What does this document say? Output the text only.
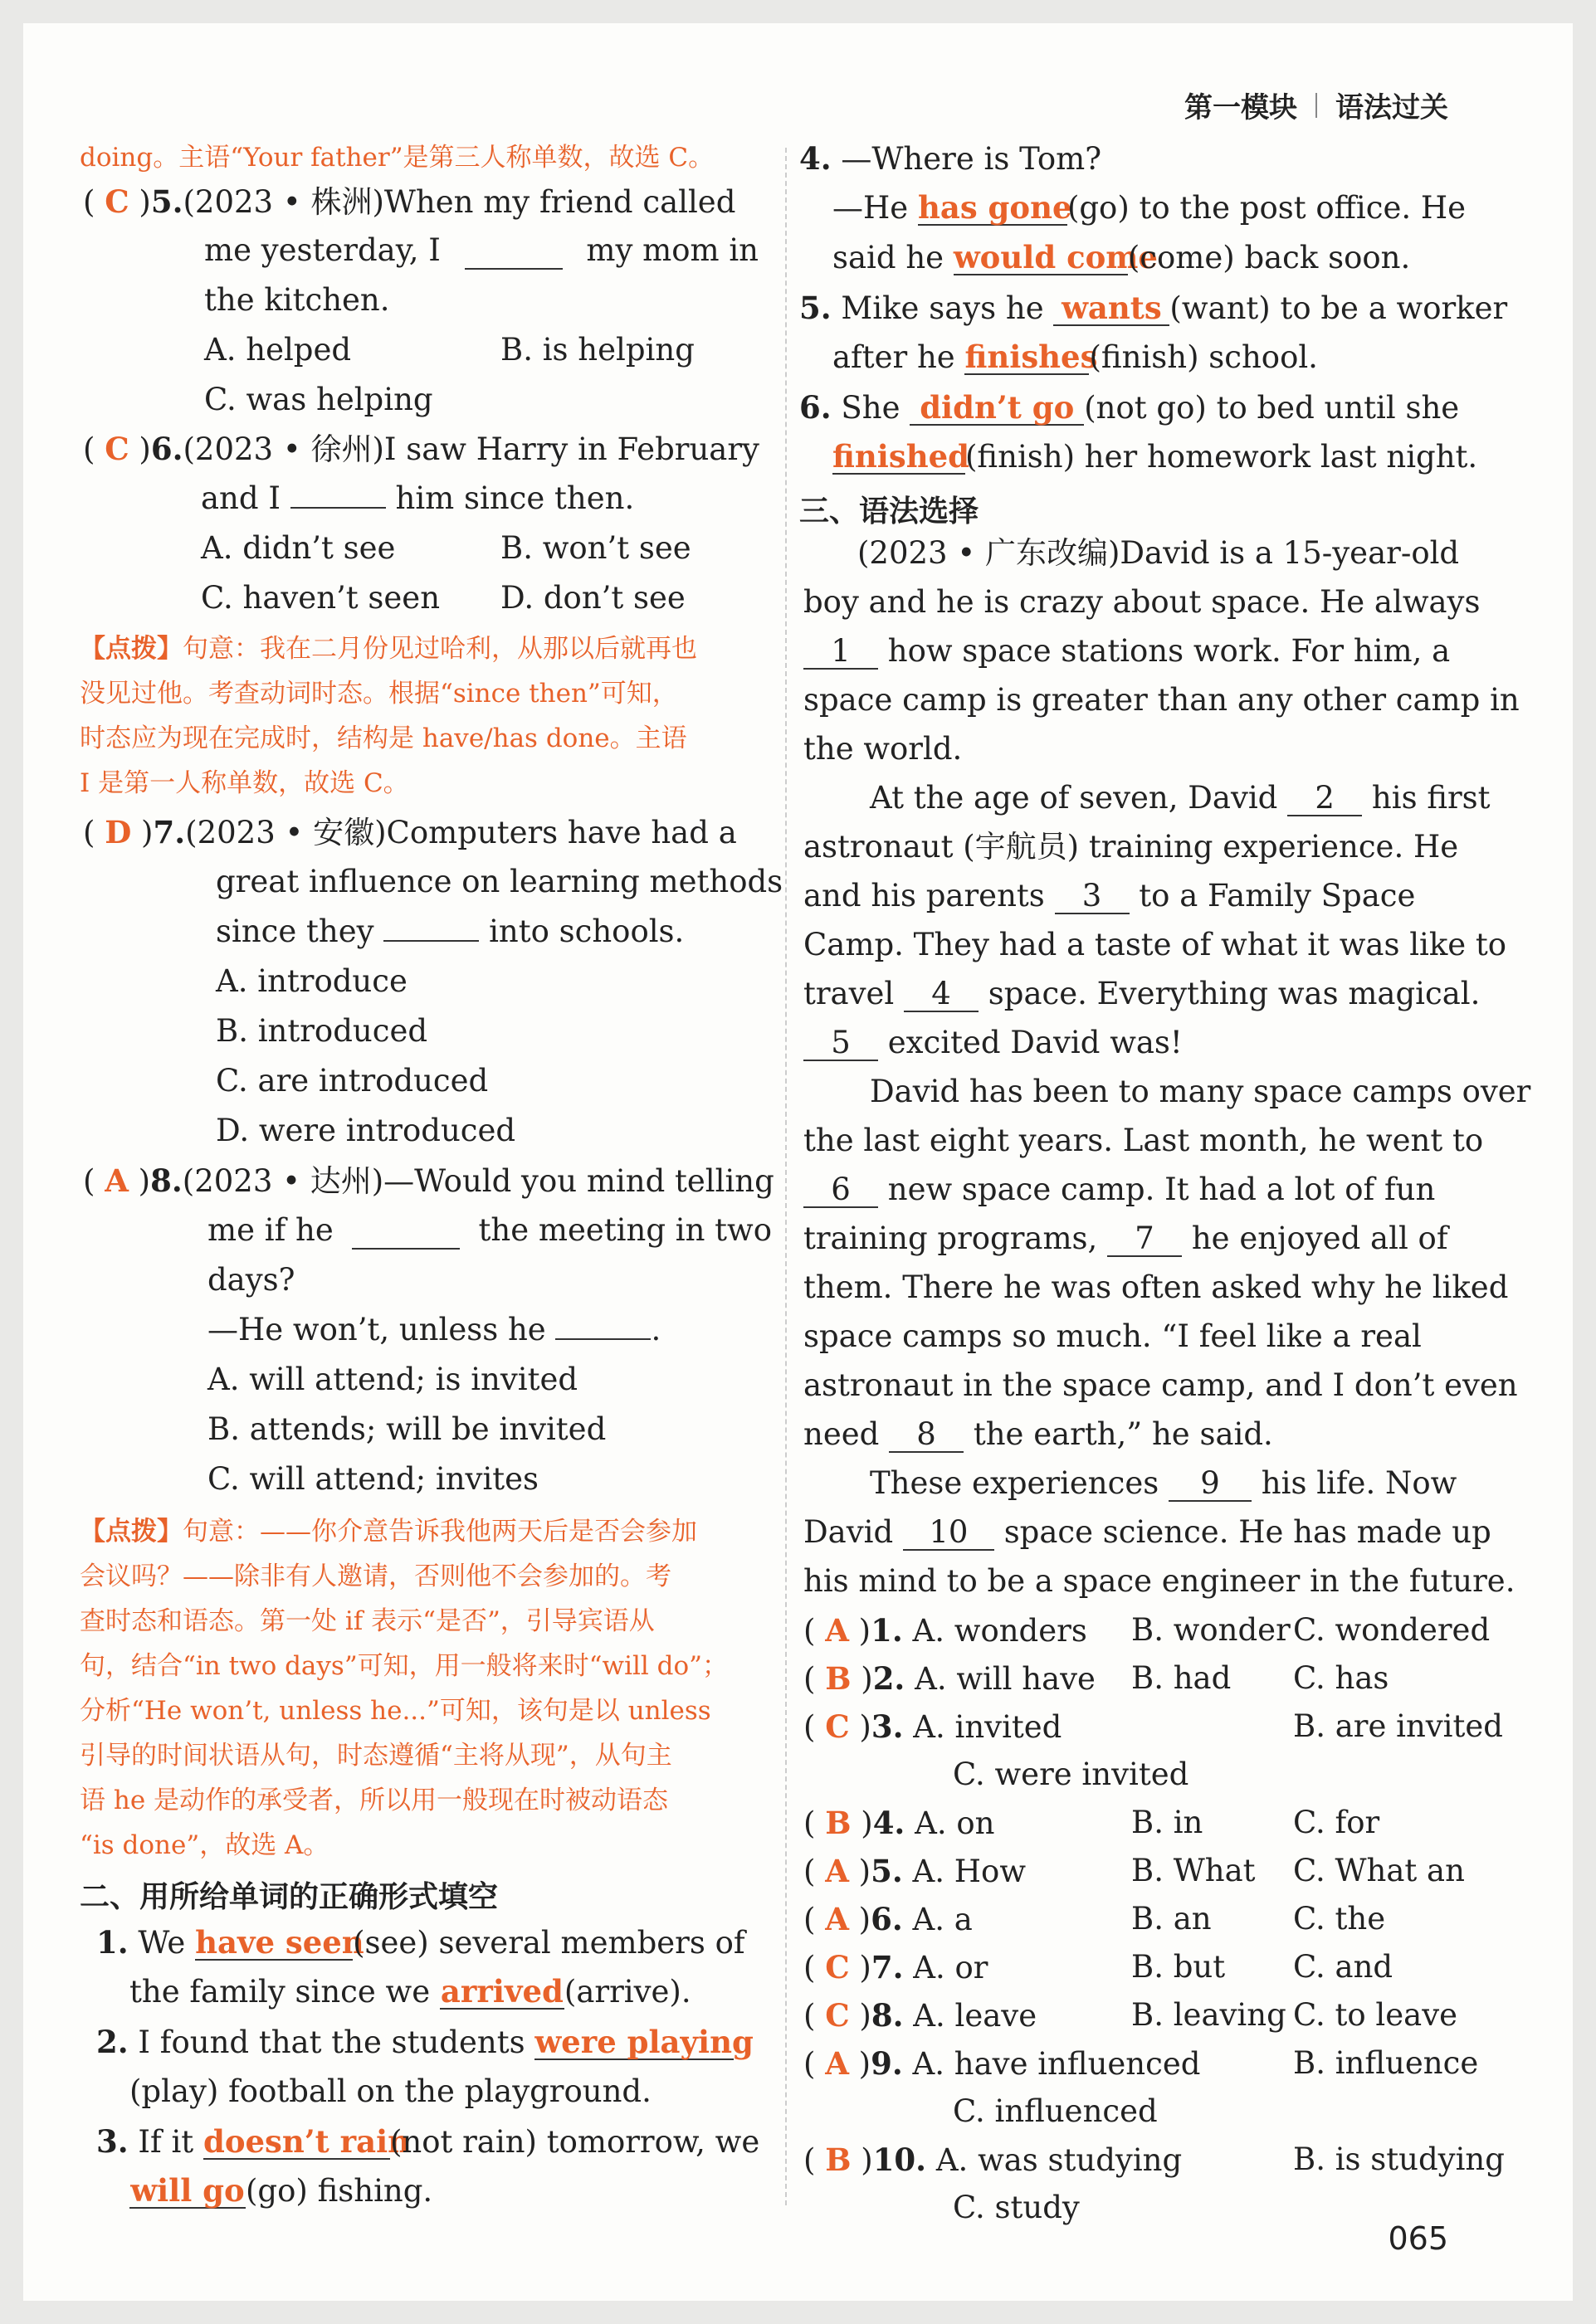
第一模块 语法过关
doing。主语“Your father”是第三人称单数，故选 C。
( C )5.(2023 • 株洲)When my friend called
me yesterday, I	my mom in
the kitchen.
A. helped	B. is helping
C. was helping
( C )6.(2023 • 徐州)I saw Harry in February
and I	him since then.
A. didn’t see	B. won’t see
C. haven’t seen D. don’t see
【点拨】句意：我在二月份见过哈利，从那以后就再也
没见过他。考查动词时态。根据“since then”可知，
时态应为现在完成时，结构是 have/has done。主语
I 是第一人称单数，故选 C。
( D )7.(2023 • 安徽)Computers have had a
great influence on learning methods
since they	into schools.
A. introduce
B. introduced
C. are introduced
D. were introduced
( A )8.(2023 • 达州)—Would you mind telling
me if he	the meeting in two
days?
—He won’t, unless he	.
A. will attend; is invited
B. attends; will be invited
C. will attend; invites
【点拨】句意：——你介意告诉我他两天后是否会参加
会议吗？——除非有人邀请，否则他不会参加的。考
查时态和语态。第一处 if 表示“是否”，引导宾语从
句，结合“in two days”可知，用一般将来时“will do”；
分析“He won’t, unless he...”可知，该句是以 unless
引导的时间状语从句，时态遵循“主将从现”，从句主
语 he 是动作的承受者，所以用一般现在时被动语态
“is done”，故选 A。
二、用所给单词的正确形式填空
1. We have seen(see) several members of
the family since we arrived(arrive).
2. I found that the students were playing
(play) football on the playground.
3. If it doesn’t rain(not rain) tomorrow, we
will go(go) fishing.
4. —Where is Tom?
—He has gone(go) to the post office. He
said he would come(come) back soon.
5. Mike says he wants (want) to be a worker
after he finishes(finish) school.
6. She didn’t go (not go) to bed until she
finished(finish) her homework last night.
三、语法选择
(2023 • 广东改编)David is a 15-year-old
boy and he is crazy about space. He always
1 how space stations work. For him, a
space camp is greater than any other camp in
the world.
At the age of seven, David 2 his first
astronaut (宇航员) training experience. He
and his parents 3 to a Family Space
Camp. They had a taste of what it was like to
travel 4 space. Everything was magical.
5 excited David was!
David has been to many space camps over
the last eight years. Last month, he went to
6 new space camp. It had a lot of fun
training programs, 7 he enjoyed all of
them. There he was often asked why he liked
space camps so much. “I feel like a real
astronaut in the space camp, and I don’t even
need 8 the earth,” he said.
These experiences 9 his life. Now
David 10 space science. He has made up
his mind to be a space engineer in the future.
( A )1. A. wonders B. wonder C. wondered
( B )2. A. will have B. had C. has
( C )3. A. invited	B. are invited
C. were invited
( B )4. A. on	B. in	C. for
( A )5. A. How	B. What C. What an
( A )6. A. a	B. an	C. the
( C )7. A. or	B. but C. and
( C )8. A. leave	B. leaving C. to leave
( A )9. A. have influenced	B. influence
C. influenced
( B )10. A. was studying	B. is studying
C. study
065
